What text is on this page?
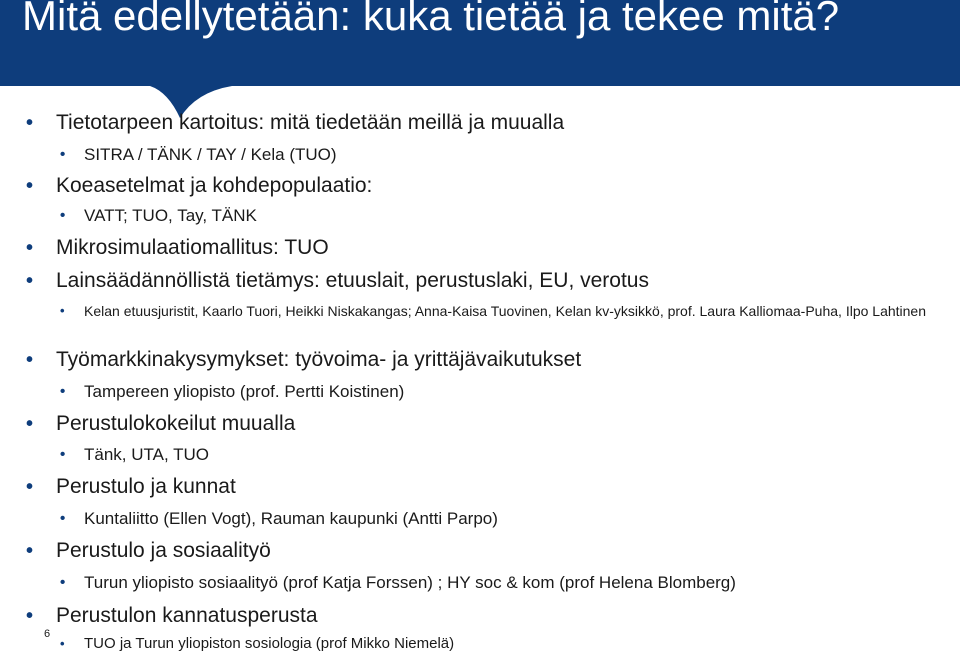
Mitä edellytetään: kuka tietää ja tekee mitä?
• Tietotarpeen kartoitus: mitä tiedetään meillä ja muualla
• SITRA / TÄNK / TAY / Kela (TUO)
• Koeasetelmat ja kohdepopulaatio:
• VATT; TUO, Tay, TÄNK
• Mikrosimulaatiomallitus: TUO
• Lainsäädännöllistä tietämys: etuuslait, perustuslaki, EU, verotus
• Kelan etuusjuristit, Kaarlo Tuori, Heikki Niskakangas; Anna-Kaisa Tuovinen, Kelan kv-yksikkö, prof. Laura Kalliomaa-Puha, Ilpo Lahtinen
• Työmarkkinakysymykset: työvoima- ja yrittäjävaikutukset
• Tampereen yliopisto (prof. Pertti Koistinen)
• Perustulokokeilut muualla
• Tänk, UTA, TUO
• Perustulo ja kunnat
• Kuntaliitto (Ellen Vogt), Rauman kaupunki (Antti Parpo)
• Perustulo ja sosiaalityö
• Turun yliopisto sosiaalityö (prof Katja Forssen) ; HY soc & kom (prof Helena Blomberg)
• Perustulon kannatusperusta
• TUO ja Turun yliopiston sosiologia (prof Mikko Niemelä)
6
